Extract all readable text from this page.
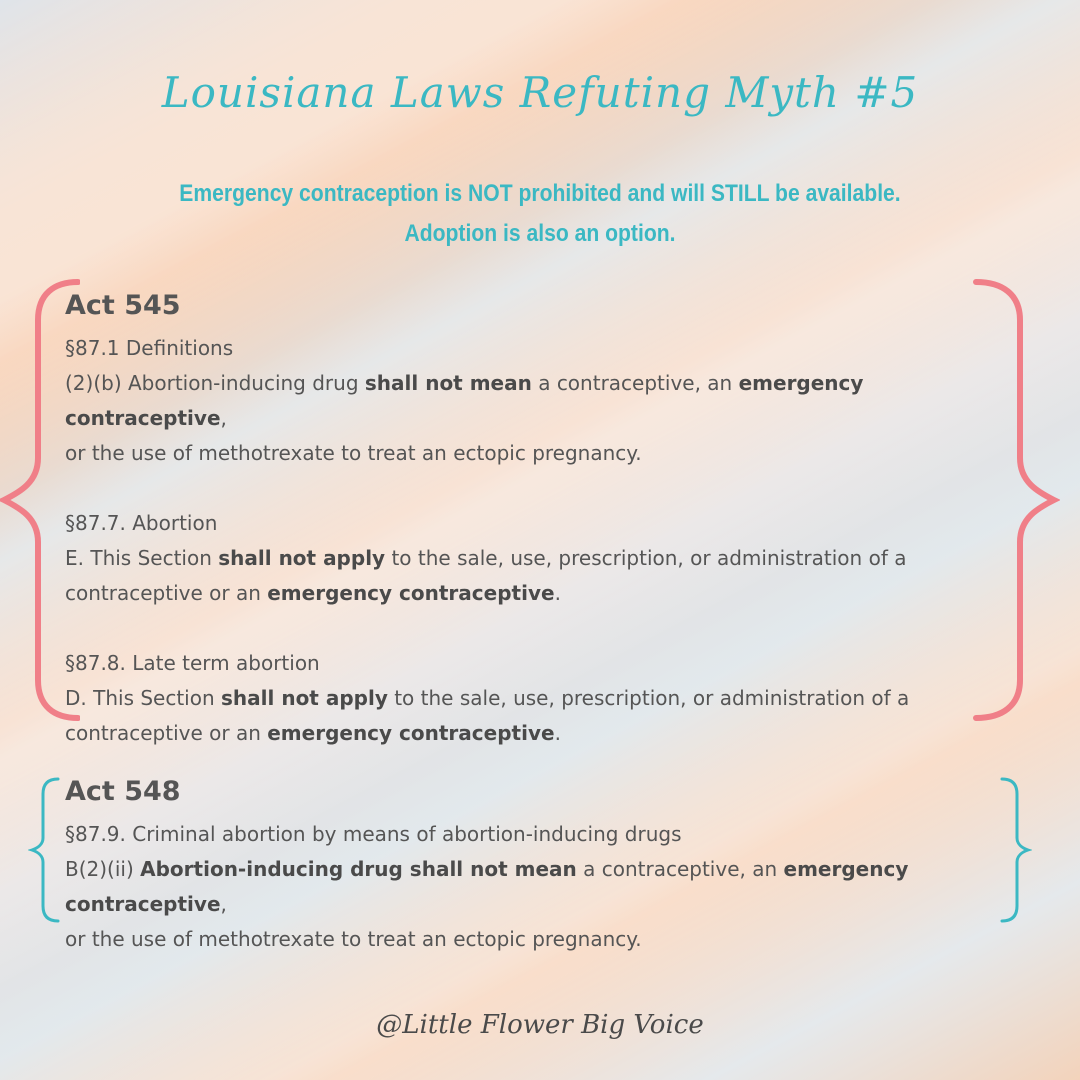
Louisiana Laws Refuting Myth #5
Emergency contraception is NOT prohibited and will STILL be available.
Adoption is also an option.
Act 545
§87.1 Definitions
(2)(b) Abortion-inducing drug shall not mean a contraceptive, an emergency contraceptive,
or the use of methotrexate to treat an ectopic pregnancy.
§87.7. Abortion
E. This Section shall not apply to the sale, use, prescription, or administration of a
contraceptive or an emergency contraceptive.
§87.8. Late term abortion
D. This Section shall not apply to the sale, use, prescription, or administration of a
contraceptive or an emergency contraceptive.
Act 548
§87.9. Criminal abortion by means of abortion-inducing drugs
B(2)(ii) Abortion-inducing drug shall not mean a contraceptive, an emergency contraceptive,
or the use of methotrexate to treat an ectopic pregnancy.
@Little Flower Big Voice
